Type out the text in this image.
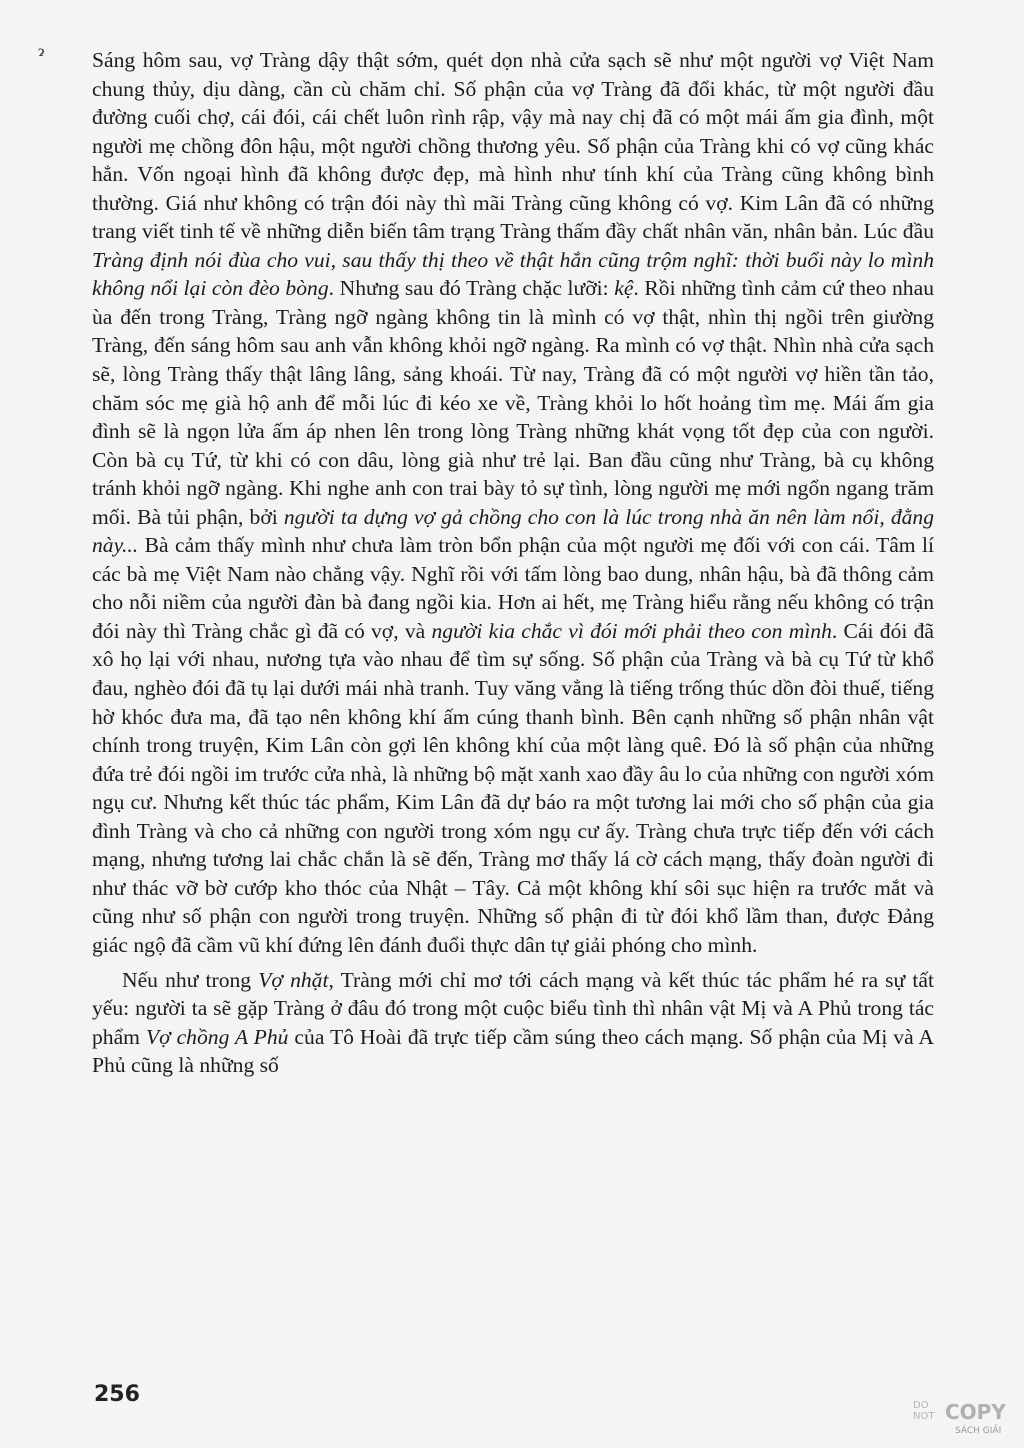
ɂ Sáng hôm sau, vợ Tràng dậy thật sớm, quét dọn nhà cửa sạch sẽ như một người vợ Việt Nam chung thủy, dịu dàng, cần cù chăm chỉ. Số phận của vợ Tràng đã đổi khác, từ một người đầu đường cuối chợ, cái đói, cái chết luôn rình rập, vậy mà nay chị đã có một mái ấm gia đình, một người mẹ chồng đôn hậu, một người chồng thương yêu. Số phận của Tràng khi có vợ cũng khác hẳn. Vốn ngoại hình đã không được đẹp, mà hình như tính khí của Tràng cũng không bình thường. Giá như không có trận đói này thì mãi Tràng cũng không có vợ. Kim Lân đã có những trang viết tinh tế về những diễn biến tâm trạng Tràng thấm đầy chất nhân văn, nhân bản. Lúc đầu Tràng định nói đùa cho vui, sau thấy thị theo về thật hắn cũng trộm nghĩ: thời buổi này lo mình không nổi lại còn đèo bòng. Nhưng sau đó Tràng chặc lưỡi: kệ. Rồi những tình cảm cứ theo nhau ùa đến trong Tràng, Tràng ngỡ ngàng không tin là mình có vợ thật, nhìn thị ngồi trên giường Tràng, đến sáng hôm sau anh vẫn không khỏi ngỡ ngàng. Ra mình có vợ thật. Nhìn nhà cửa sạch sẽ, lòng Tràng thấy thật lâng lâng, sảng khoái. Từ nay, Tràng đã có một người vợ hiền tần tảo, chăm sóc mẹ già hộ anh để mỗi lúc đi kéo xe về, Tràng khỏi lo hốt hoảng tìm mẹ. Mái ấm gia đình sẽ là ngọn lửa ấm áp nhen lên trong lòng Tràng những khát vọng tốt đẹp của con người. Còn bà cụ Tứ, từ khi có con dâu, lòng già như trẻ lại. Ban đầu cũng như Tràng, bà cụ không tránh khỏi ngỡ ngàng. Khi nghe anh con trai bày tỏ sự tình, lòng người mẹ mới ngổn ngang trăm mối. Bà tủi phận, bởi người ta dựng vợ gả chồng cho con là lúc trong nhà ăn nên làm nổi, đằng này... Bà cảm thấy mình như chưa làm tròn bổn phận của một người mẹ đối với con cái. Tâm lí các bà mẹ Việt Nam nào chẳng vậy. Nghĩ rồi với tấm lòng bao dung, nhân hậu, bà đã thông cảm cho nỗi niềm của người đàn bà đang ngồi kia. Hơn ai hết, mẹ Tràng hiểu rằng nếu không có trận đói này thì Tràng chắc gì đã có vợ, và người kia chắc vì đói mới phải theo con mình. Cái đói đã xô họ lại với nhau, nương tựa vào nhau để tìm sự sống. Số phận của Tràng và bà cụ Tứ từ khổ đau, nghèo đói đã tụ lại dưới mái nhà tranh. Tuy văng vẳng là tiếng trống thúc dồn đòi thuế, tiếng hờ khóc đưa ma, đã tạo nên không khí ấm cúng thanh bình. Bên cạnh những số phận nhân vật chính trong truyện, Kim Lân còn gợi lên không khí của một làng quê. Đó là số phận của những đứa trẻ đói ngồi im trước cửa nhà, là những bộ mặt xanh xao đầy âu lo của những con người xóm ngụ cư. Nhưng kết thúc tác phẩm, Kim Lân đã dự báo ra một tương lai mới cho số phận của gia đình Tràng và cho cả những con người trong xóm ngụ cư ấy. Tràng chưa trực tiếp đến với cách mạng, nhưng tương lai chắc chắn là sẽ đến, Tràng mơ thấy lá cờ cách mạng, thấy đoàn người đi như thác vỡ bờ cướp kho thóc của Nhật – Tây. Cả một không khí sôi sục hiện ra trước mắt và cũng như số phận con người trong truyện. Những số phận đi từ đói khổ lầm than, được Đảng giác ngộ đã cầm vũ khí đứng lên đánh đuổi thực dân tự giải phóng cho mình.

Nếu như trong Vợ nhặt, Tràng mới chỉ mơ tới cách mạng và kết thúc tác phẩm hé ra sự tất yếu: người ta sẽ gặp Tràng ở đâu đó trong một cuộc biểu tình thì nhân vật Mị và A Phủ trong tác phẩm Vợ chồng A Phủ của Tô Hoài đã trực tiếp cầm súng theo cách mạng. Số phận của Mị và A Phủ cũng là những số

256	DO
NOT COPY
SÁCH GIẢI
